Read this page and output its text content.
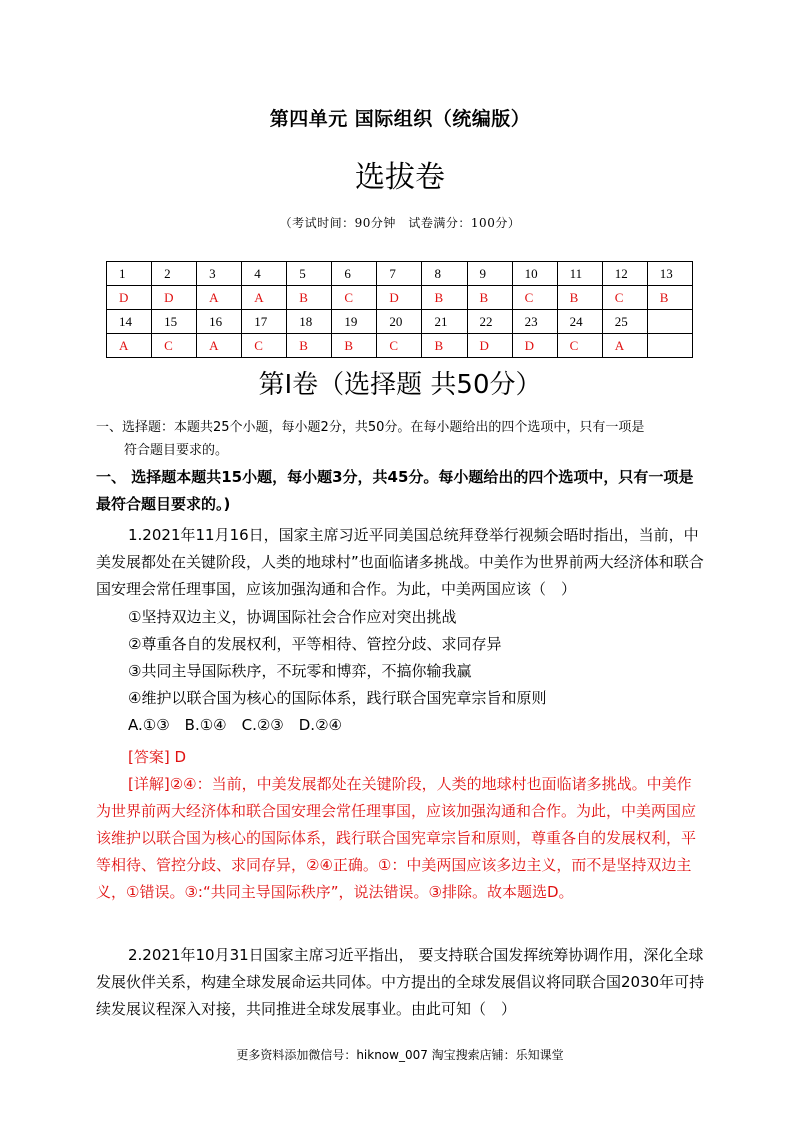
第四单元 国际组织（统编版）
选拔卷
（考试时间：90分钟　试卷满分：100分）
1	2	3	4	5	6	7	8	9	10	11	12	13
D	D	A	A	B	C	D	B	B	C	B	C	B
14	15	16	17	18	19	20	21	22	23	24	25	
A	C	A	C	B	B	C	B	D	D	C	A	
第I卷（选择题 共50分）
一、选择题：本题共25个小题，每小题2分，共50分。在每小题给出的四个选项中，只有一项是
符合题目要求的。
一、 选择题本题共15小题，每小题3分，共45分。每小题给出的四个选项中，只有一项是最符合题目要求的。)
1.2021年11月16日，国家主席习近平同美国总统拜登举行视频会晤时指出，当前，中美发展都处在关键阶段，人类的地球村”也面临诸多挑战。中美作为世界前两大经济体和联合国安理会常任理事国，应该加强沟通和合作。为此，中美两国应该（　）
①坚持双边主义，协调国际社会合作应对突出挑战
②尊重各自的发展权利，平等相待、管控分歧、求同存异
③共同主导国际秩序，不玩零和博弈，不搞你输我赢
④维护以联合国为核心的国际体系，践行联合国宪章宗旨和原则
A.①③　B.①④　C.②③　D.②④
[答案] D
[详解]②④：当前，中美发展都处在关键阶段，人类的地球村也面临诸多挑战。中美作为世界前两大经济体和联合国安理会常任理事国，应该加强沟通和合作。为此，中美两国应该维护以联合国为核心的国际体系，践行联合国宪章宗旨和原则，尊重各自的发展权利，平等相待、管控分歧、求同存异，②④正确。①：中美两国应该多边主义，而不是坚持双边主义，①错误。③:“共同主导国际秩序”，说法错误。③排除。故本题选D。
2.2021年10月31日国家主席习近平指出， 要支持联合国发挥统筹协调作用，深化全球发展伙伴关系，构建全球发展命运共同体。中方提出的全球发展倡议将同联合国2030年可持续发展议程深入对接，共同推进全球发展事业。由此可知（　）
更多资料添加微信号：hiknow_007 淘宝搜索店铺：乐知课堂
